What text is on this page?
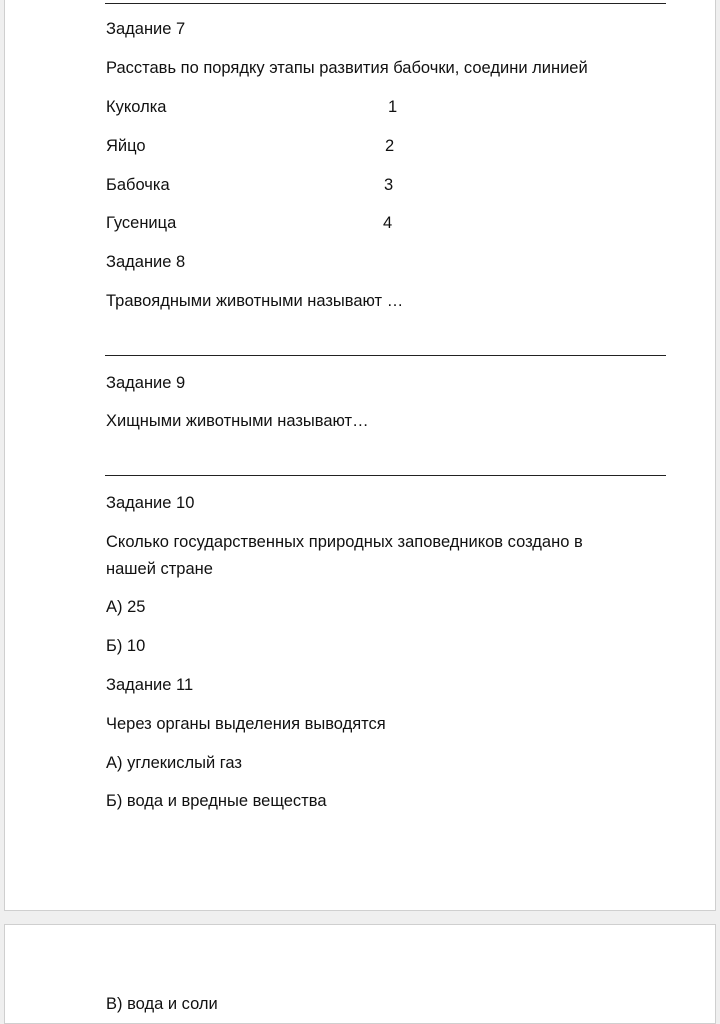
Задание 7
Расставь по порядку этапы развития бабочки, соедини линией
Куколка	1
Яйцо	2
Бабочка	3
Гусеница	4
Задание 8
Травоядными животными называют …
Задание 9
Хищными животными называют…
Задание 10
Сколько государственных природных заповедников создано в
нашей стране
А) 25
Б) 10
Задание 11
Через органы выделения выводятся
А) углекислый газ
Б) вода и вредные вещества
В) вода и соли
